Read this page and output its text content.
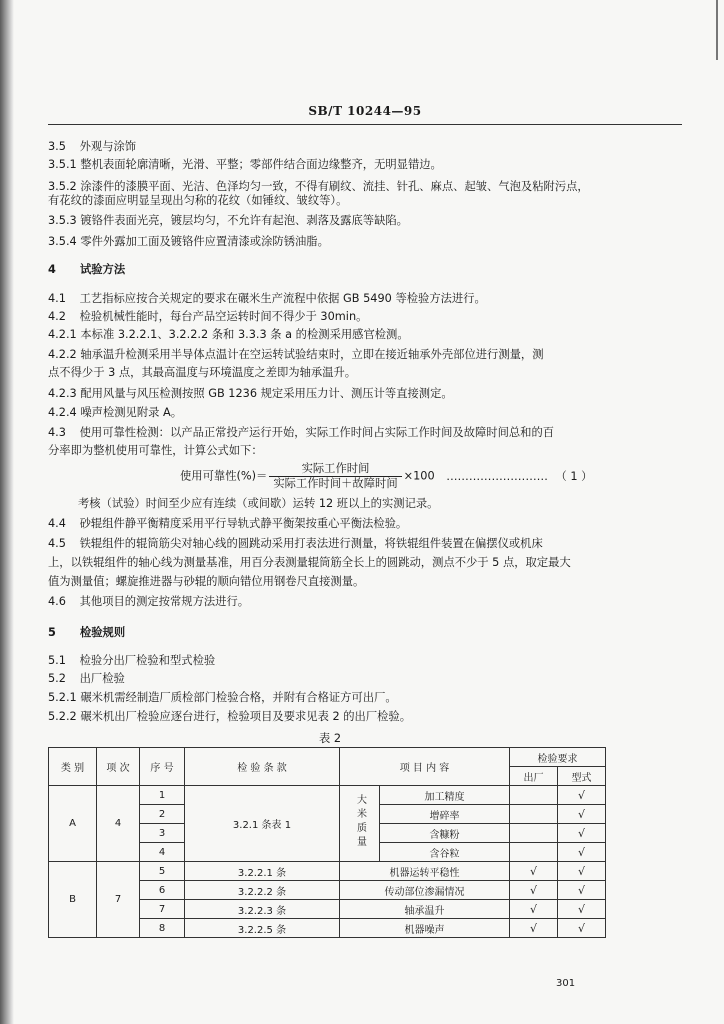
SB/T 10244—95
3.5 外观与涂饰
3.5.1 整机表面轮廓清晰，光滑、平整；零部件结合面边缘整齐，无明显错边。
3.5.2 涂漆件的漆膜平面、光洁、色泽均匀一致，不得有刷纹、流挂、针孔、麻点、起皱、气泡及粘附污点，
有花纹的漆面应明显呈现出匀称的花纹（如锤纹、皱纹等）。
3.5.3 镀铬件表面光亮，镀层均匀，不允许有起泡、剥落及露底等缺陷。
3.5.4 零件外露加工面及镀铬件应置清漆或涂防锈油脂。
4 试验方法
4.1 工艺指标应按合关规定的要求在碾米生产流程中依据 GB 5490 等检验方法进行。
4.2 检验机械性能时，每台产品空运转时间不得少于 30min。
4.2.1 本标准 3.2.2.1、3.2.2.2 条和 3.3.3 条 a 的检测采用感官检测。
4.2.2 轴承温升检测采用半导体点温计在空运转试验结束时，立即在接近轴承外壳部位进行测量，测
点不得少于 3 点，其最高温度与环境温度之差即为轴承温升。
4.2.3 配用风量与风压检测按照 GB 1236 规定采用压力计、测压计等直接测定。
4.2.4 噪声检测见附录 A。
4.3 使用可靠性检测：以产品正常投产运行开始，实际工作时间占实际工作时间及故障时间总和的百
分率即为整机使用可靠性，计算公式如下：
使用可靠性(%)＝ $\frac{\text{实际工作时间}}{\text{实际工作时间＋故障时间}} \times 100$ ……………………… （ 1 ）
考核（试验）时间至少应有连续（或间歇）运转 12 班以上的实测记录。
4.4 砂辊组件静平衡精度采用平行导轨式静平衡架按重心平衡法检验。
4.5 铁辊组件的辊筒筋尖对轴心线的圆跳动采用打表法进行测量，将铁辊组件装置在偏摆仪或机床
上，以铁辊组件的轴心线为测量基准，用百分表测量辊筒筋全长上的圆跳动，测点不少于 5 点，取定最大
值为测量值；螺旋推进器与砂辊的顺向错位用钢卷尺直接测量。
4.6 其他项目的测定按常规方法进行。
5 检验规则
5.1 检验分出厂检验和型式检验
5.2 出厂检验
5.2.1 碾米机需经制造厂质检部门检验合格，并附有合格证方可出厂。
5.2.2 碾米机出厂检验应逐台进行，检验项目及要求见表 2 的出厂检验。
表 2
类 别	项 次	序 号	检 验 条 款	项 目 内 容		检验要求	
						出厂	型式
A	4	1	3.2.1 条表 1	大米质量	加工精度		√
		2			增碎率		√
		3			含糠粉		√
		4			含谷粒		√
B	7	5	3.2.2.1 条	机器运转平稳性		√	√
		6	3.2.2.2 条	传动部位渗漏情况		√	√
		7	3.2.2.3 条	轴承温升		√	√
		8	3.2.2.5 条	机器噪声		√	√
301
